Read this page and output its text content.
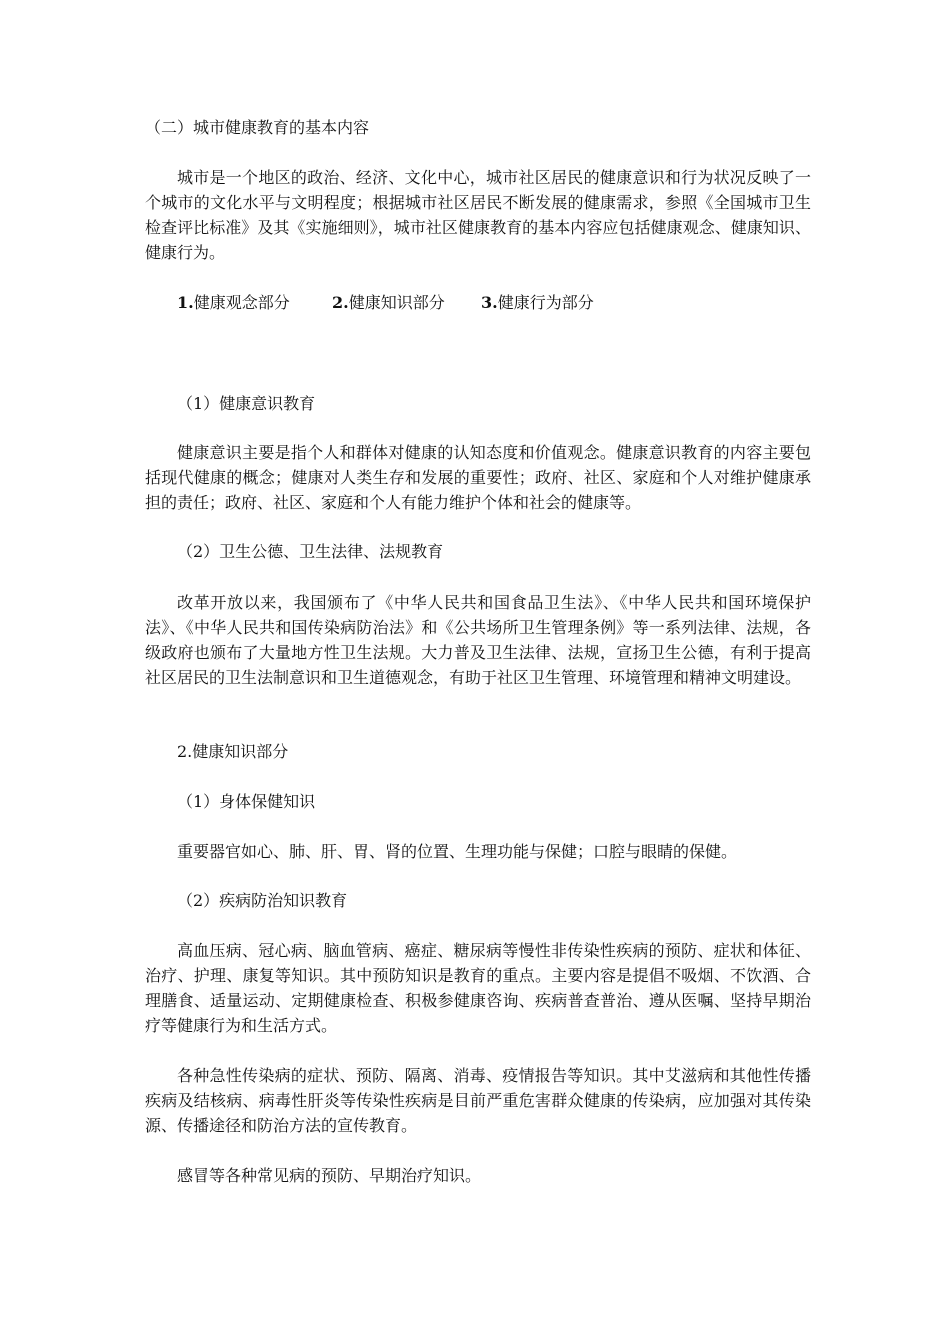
（二）城市健康教育的基本内容
城市是一个地区的政治、经济、文化中心，城市社区居民的健康意识和行为状况反映了一个城市的文化水平与文明程度；根据城市社区居民不断发展的健康需求，参照《全国城市卫生检查评比标准》及其《实施细则》，城市社区健康教育的基本内容应包括健康观念、健康知识、健康行为。
1.健康观念部分	2.健康知识部分 3.健康行为部分
（1）健康意识教育
健康意识主要是指个人和群体对健康的认知态度和价值观念。健康意识教育的内容主要包括现代健康的概念；健康对人类生存和发展的重要性；政府、社区、家庭和个人对维护健康承担的责任；政府、社区、家庭和个人有能力维护个体和社会的健康等。
（2）卫生公德、卫生法律、法规教育
改革开放以来，我国颁布了《中华人民共和国食品卫生法》、《中华人民共和国环境保护法》、《中华人民共和国传染病防治法》和《公共场所卫生管理条例》等一系列法律、法规，各级政府也颁布了大量地方性卫生法规。大力普及卫生法律、法规，宣扬卫生公德，有利于提高社区居民的卫生法制意识和卫生道德观念，有助于社区卫生管理、环境管理和精神文明建设。
2.健康知识部分
（1）身体保健知识
重要器官如心、肺、肝、胃、肾的位置、生理功能与保健；口腔与眼睛的保健。
（2）疾病防治知识教育
高血压病、冠心病、脑血管病、癌症、糖尿病等慢性非传染性疾病的预防、症状和体征、治疗、护理、康复等知识。其中预防知识是教育的重点。主要内容是提倡不吸烟、不饮酒、合理膳食、适量运动、定期健康检查、积极参健康咨询、疾病普查普治、遵从医嘱、坚持早期治疗等健康行为和生活方式。
各种急性传染病的症状、预防、隔离、消毒、疫情报告等知识。其中艾滋病和其他性传播疾病及结核病、病毒性肝炎等传染性疾病是目前严重危害群众健康的传染病，应加强对其传染源、传播途径和防治方法的宣传教育。
感冒等各种常见病的预防、早期治疗知识。
